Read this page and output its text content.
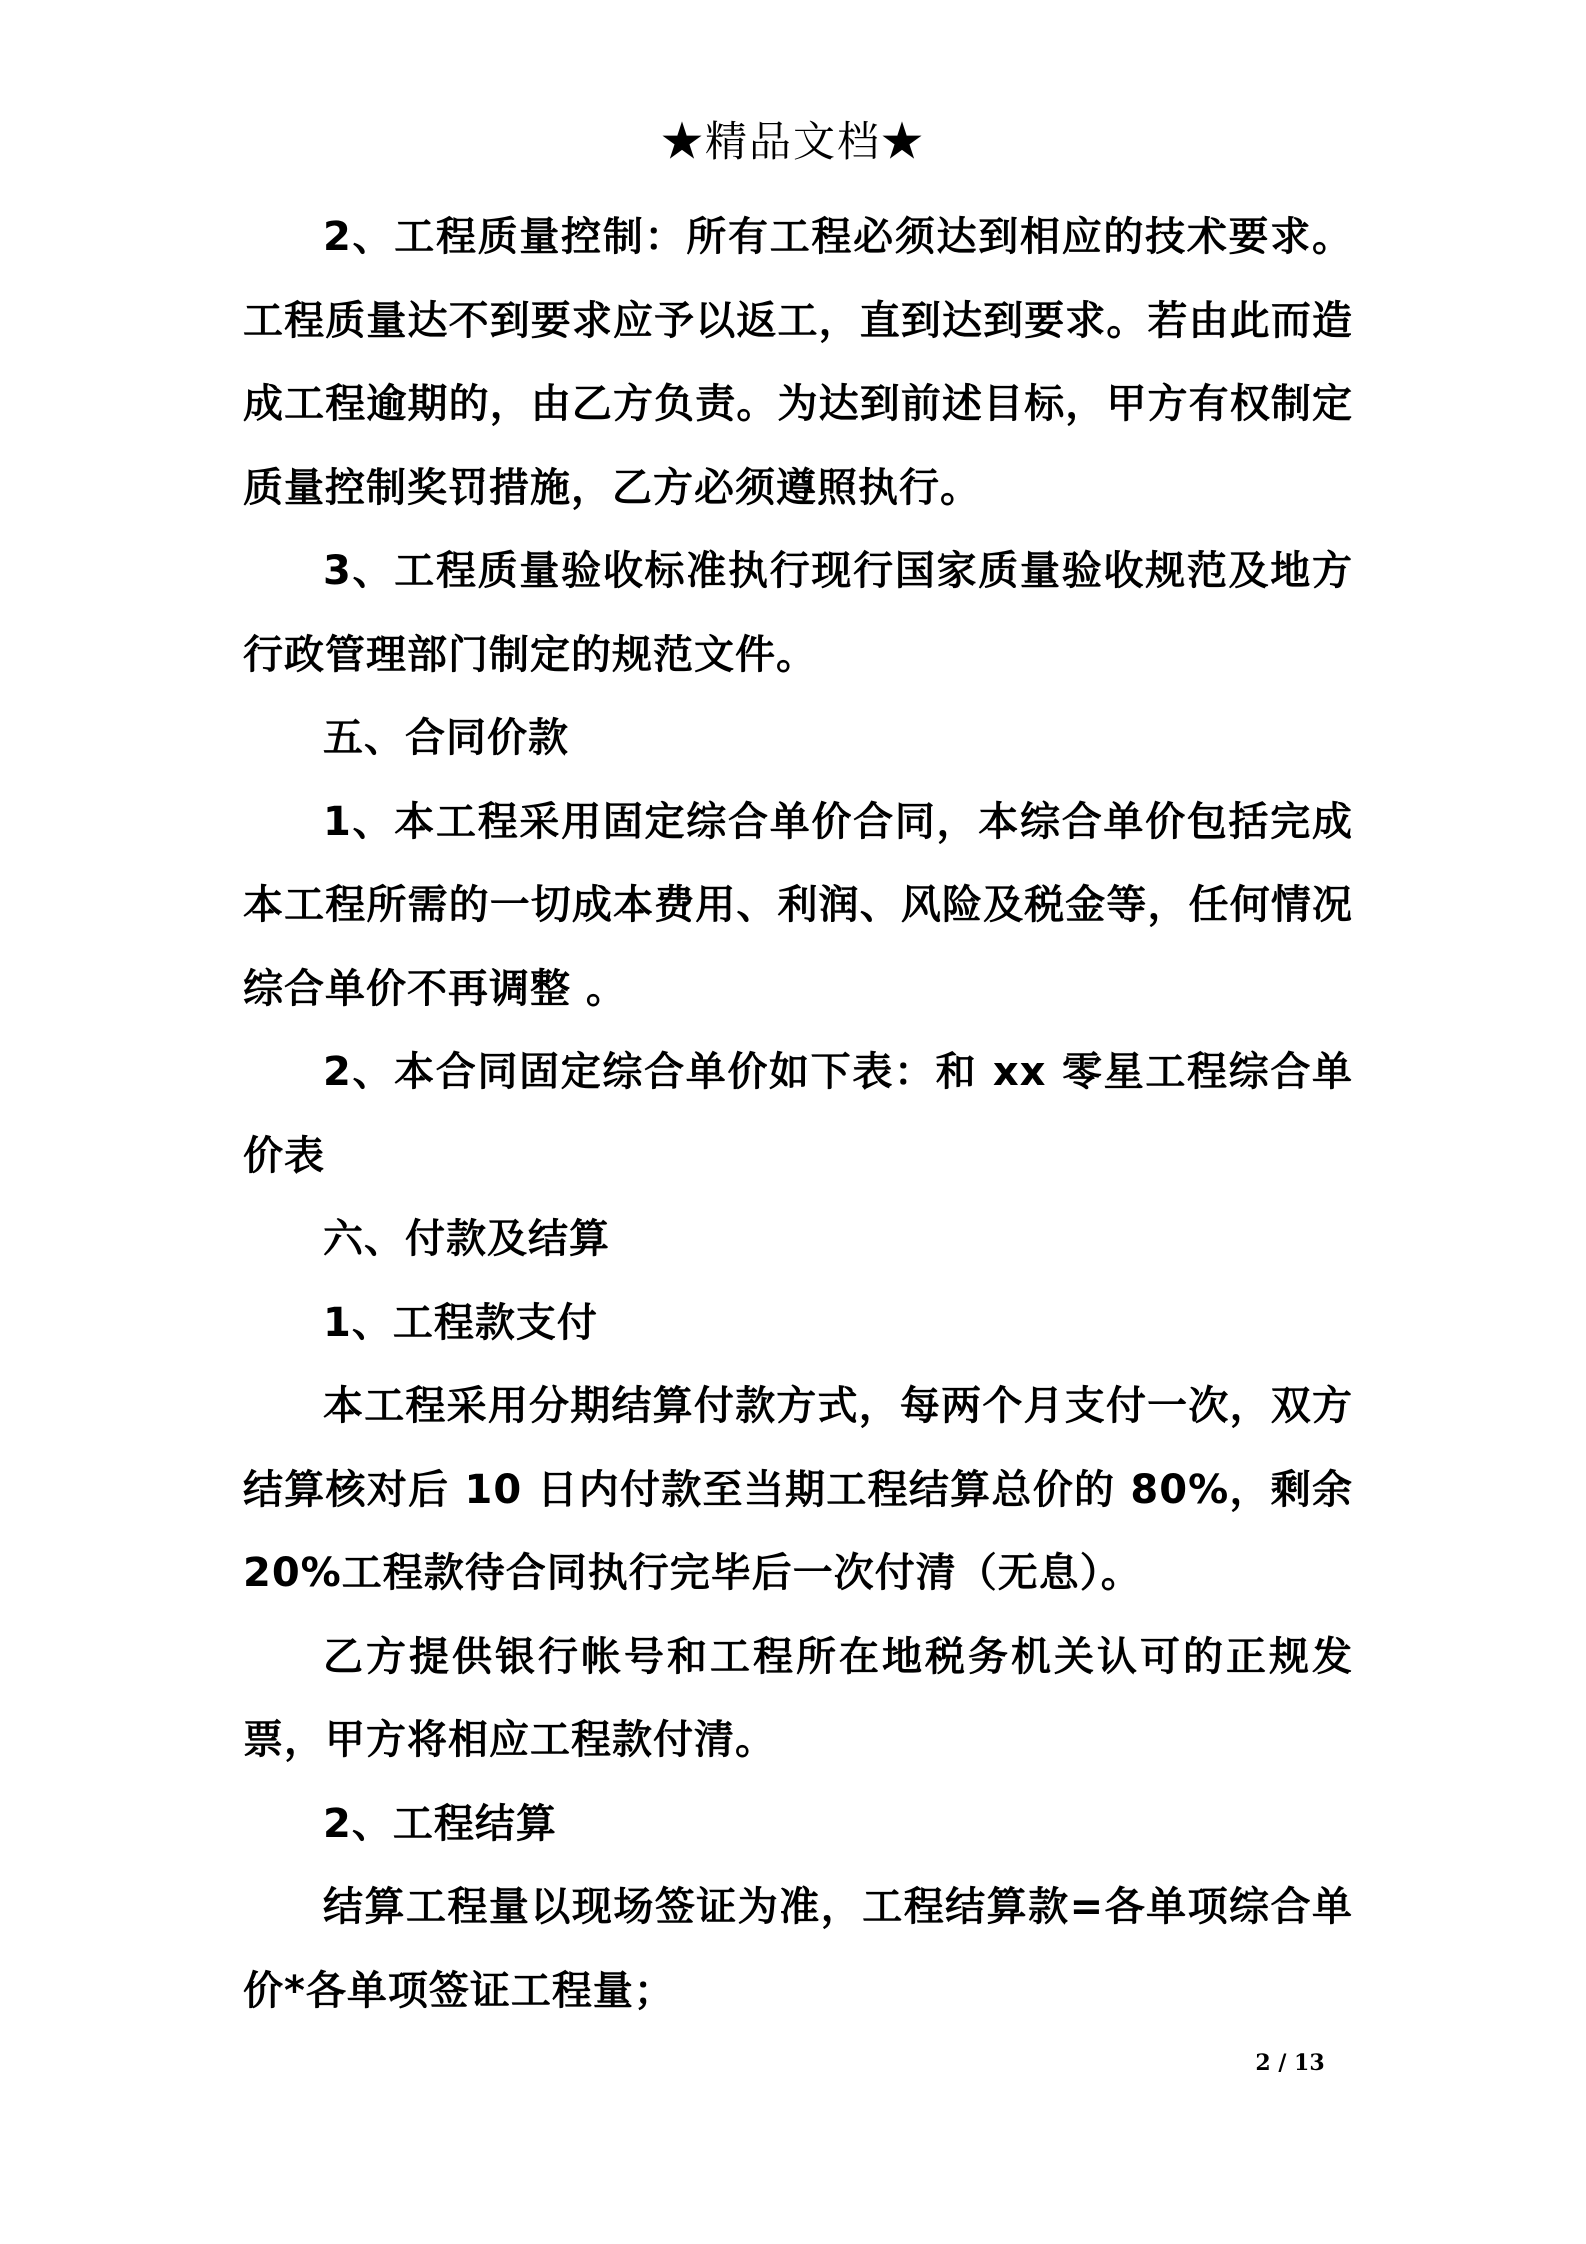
★精品文档★

2、工程质量控制：所有工程必须达到相应的技术要求。工程质量达不到要求应予以返工，直到达到要求。若由此而造成工程逾期的，由乙方负责。为达到前述目标，甲方有权制定质量控制奖罚措施，乙方必须遵照执行。

3、工程质量验收标准执行现行国家质量验收规范及地方行政管理部门制定的规范文件。

五、合同价款

1、本工程采用固定综合单价合同，本综合单价包括完成本工程所需的一切成本费用、利润、风险及税金等，任何情况综合单价不再调整 。

2、本合同固定综合单价如下表：和 xx 零星工程综合单价表

六、付款及结算

1、工程款支付

本工程采用分期结算付款方式，每两个月支付一次，双方结算核对后 10 日内付款至当期工程结算总价的 80%，剩余 20%工程款待合同执行完毕后一次付清（无息）。

乙方提供银行帐号和工程所在地税务机关认可的正规发票，甲方将相应工程款付清。

2、工程结算

结算工程量以现场签证为准，工程结算款=各单项综合单价*各单项签证工程量；

2 / 13
